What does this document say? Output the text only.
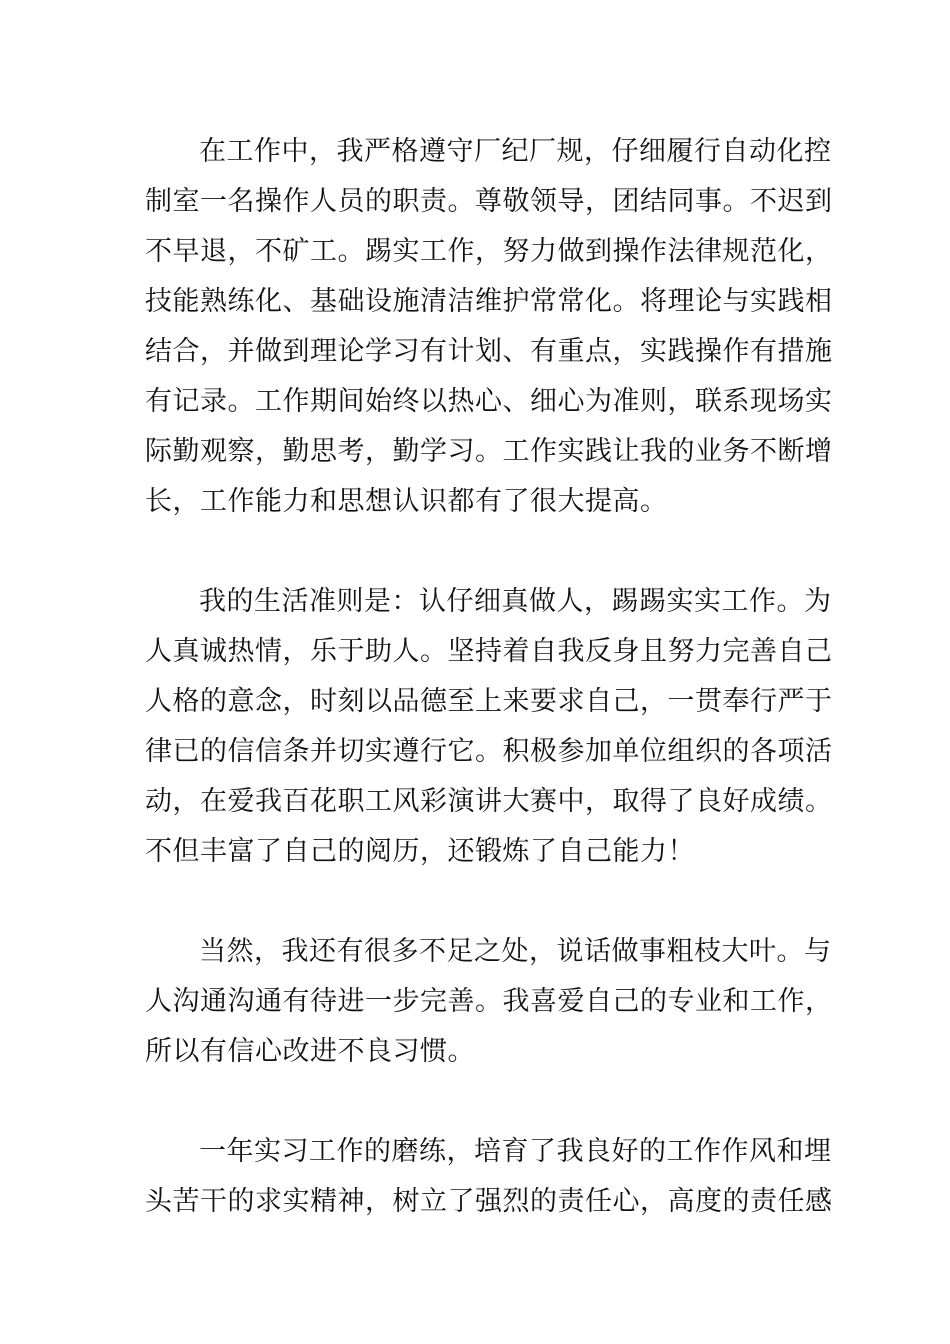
在工作中，我严格遵守厂纪厂规，仔细履行自动化控
制室一名操作人员的职责。尊敬领导，团结同事。不迟到
不早退，不矿工。踢实工作，努力做到操作法律规范化，
技能熟练化、基础设施清洁维护常常化。将理论与实践相
结合，并做到理论学习有计划、有重点，实践操作有措施
有记录。工作期间始终以热心、细心为准则，联系现场实
际勤观察，勤思考，勤学习。工作实践让我的业务不断增
长，工作能力和思想认识都有了很大提高。
我的生活准则是：认仔细真做人，踢踢实实工作。为
人真诚热情，乐于助人。坚持着自我反身且努力完善自己
人格的意念，时刻以品德至上来要求自己，一贯奉行严于
律已的信信条并切实遵行它。积极参加单位组织的各项活
动，在爱我百花职工风彩演讲大赛中，取得了良好成绩。
不但丰富了自己的阅历，还锻炼了自己能力！
当然，我还有很多不足之处，说话做事粗枝大叶。与
人沟通沟通有待进一步完善。我喜爱自己的专业和工作，
所以有信心改进不良习惯。
一年实习工作的磨练，培育了我良好的工作作风和埋
头苦干的求实精神，树立了强烈的责任心，高度的责任感
